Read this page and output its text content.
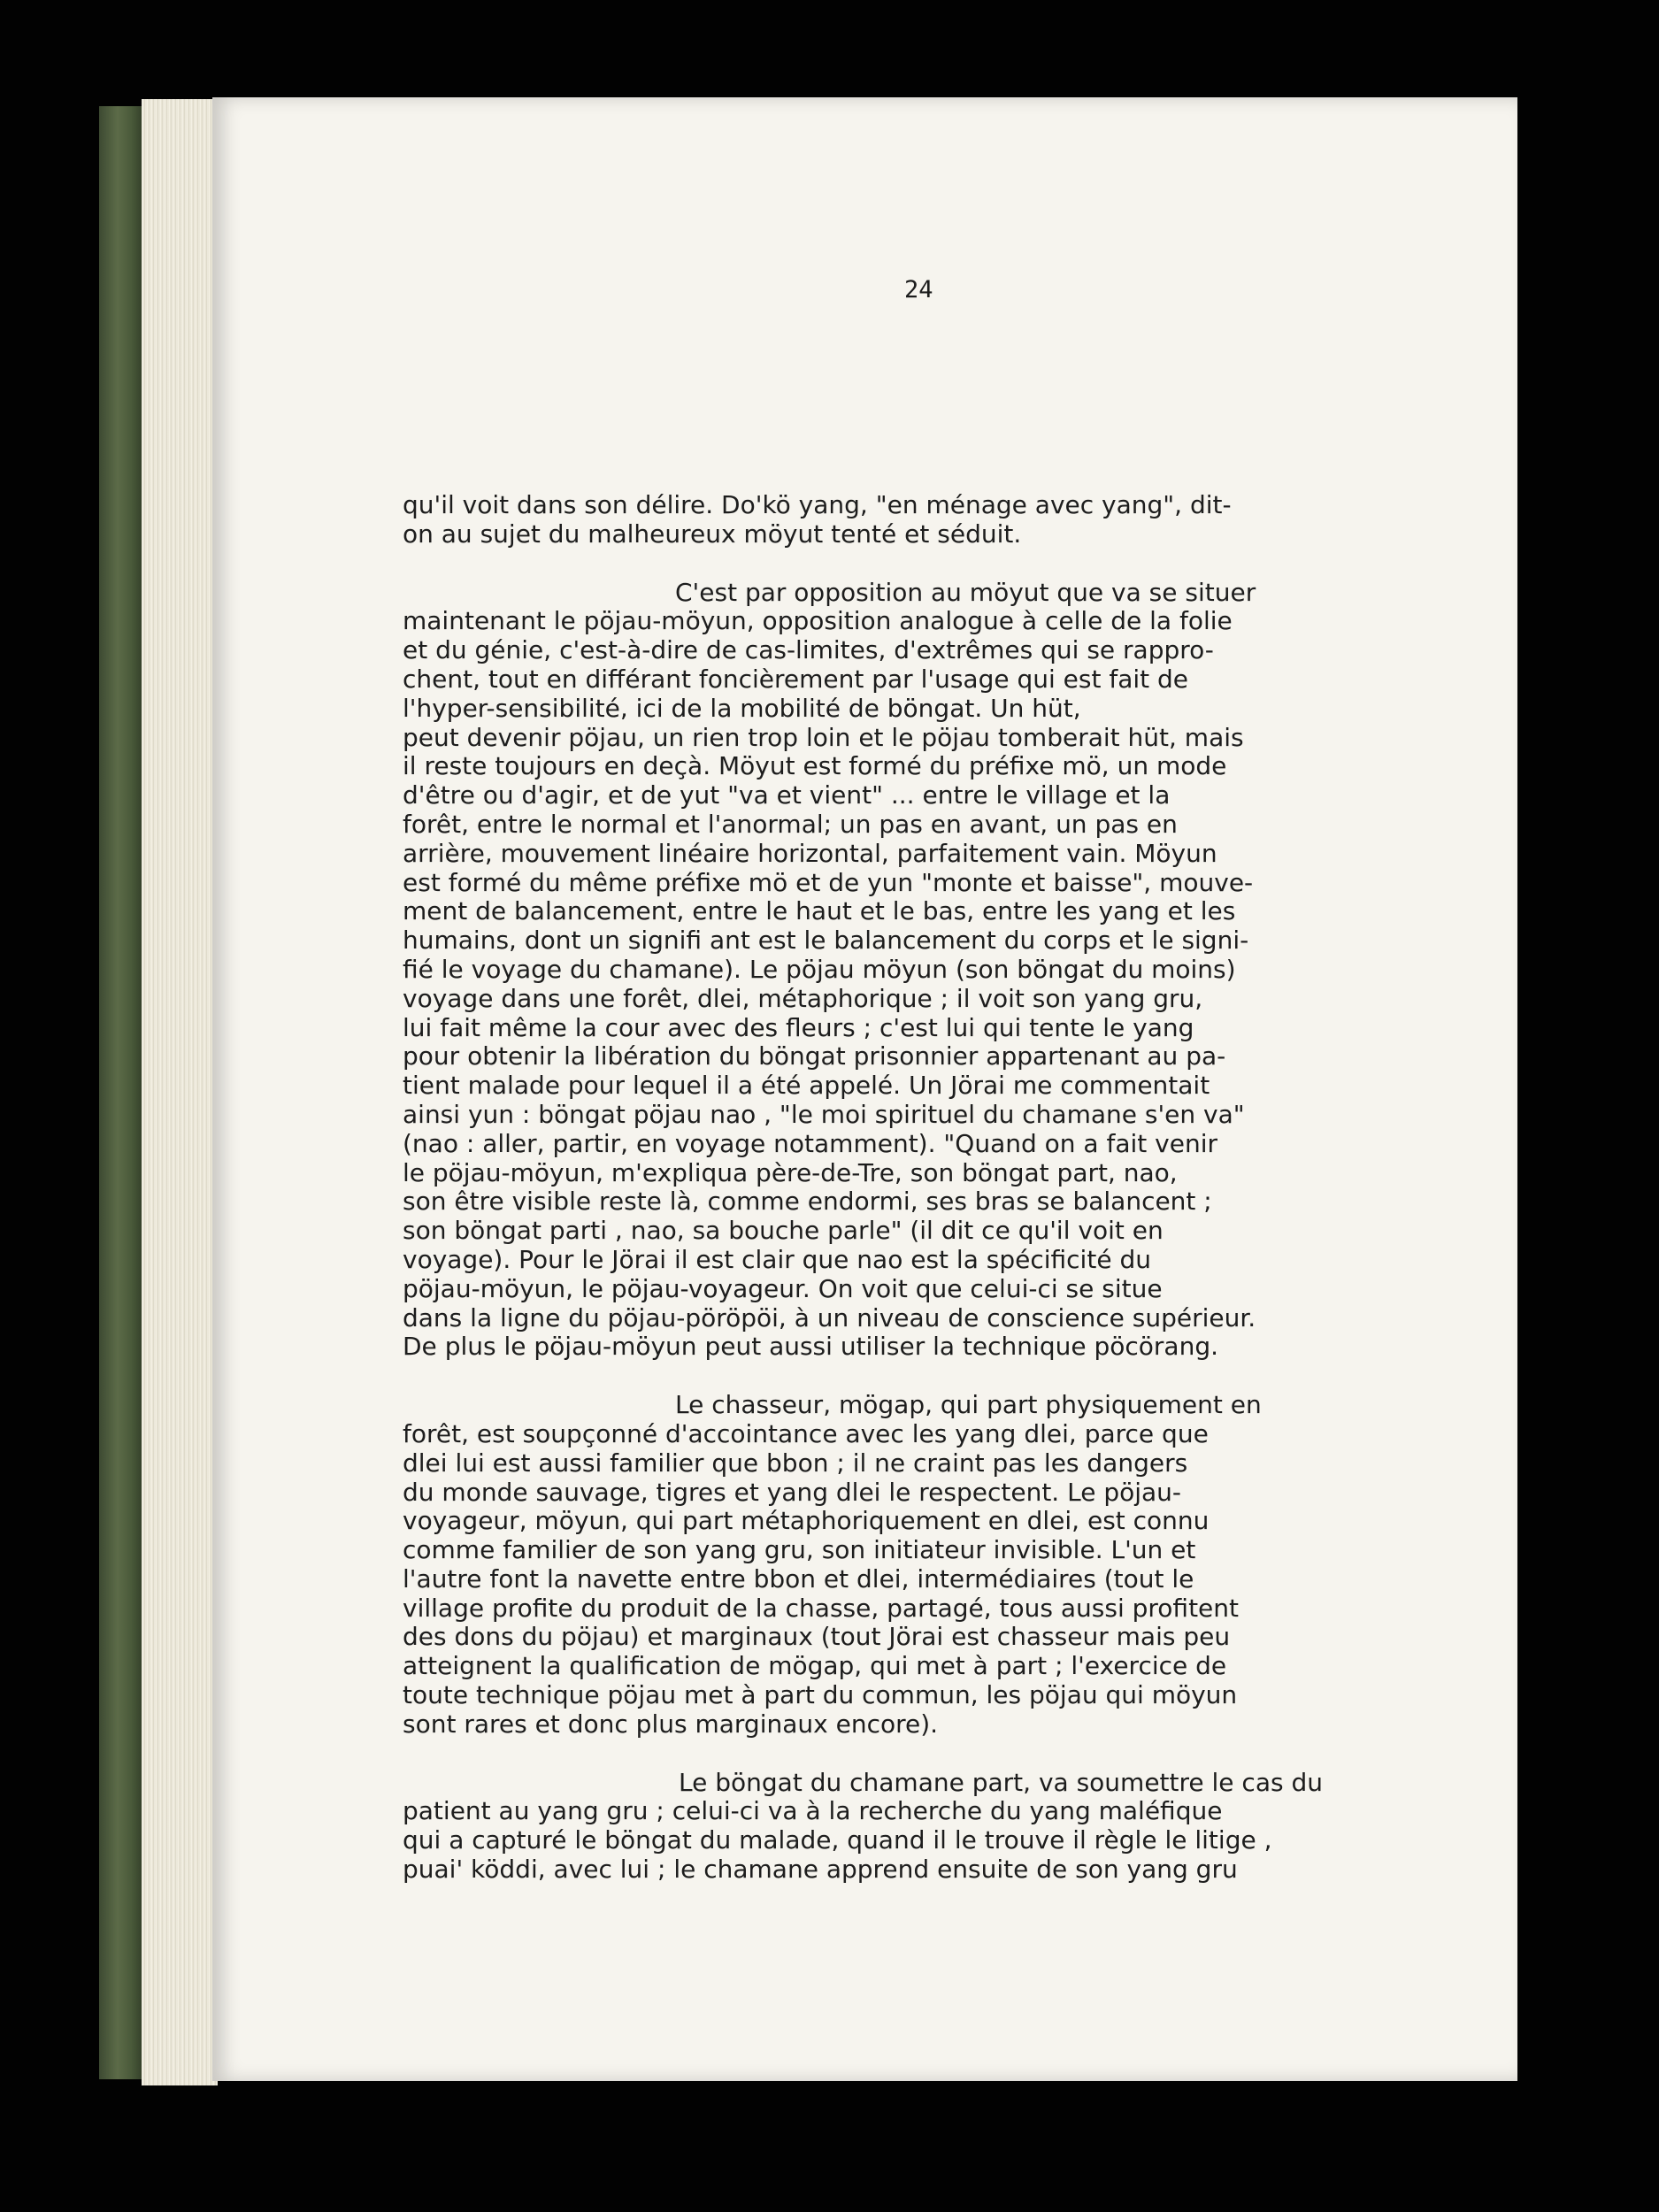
24
qu'il voit dans son délire. Do'kö yang, "en ménage avec yang", dit-
on au sujet du malheureux möyut tenté et séduit.
C'est par opposition au möyut que va se situer
maintenant le pöjau-möyun, opposition analogue à celle de la folie
et du génie, c'est-à-dire de cas-limites, d'extrêmes qui se rappro-
chent, tout en différant foncièrement par l'usage qui est fait de
l'hyper-sensibilité, ici de la mobilité de böngat. Un hüt,
peut devenir pöjau, un rien trop loin et le pöjau tomberait hüt, mais
il reste toujours en deçà. Möyut est formé du préfixe mö, un mode
d'être ou d'agir, et de yut "va et vient" ... entre le village et la
forêt, entre le normal et l'anormal; un pas en avant, un pas en
arrière, mouvement linéaire horizontal, parfaitement vain. Möyun
est formé du même préfixe mö et de yun "monte et baisse", mouve-
ment de balancement, entre le haut et le bas, entre les yang et les
humains, dont un signifi ant est le balancement du corps et le signi-
fié le voyage du chamane). Le pöjau möyun (son böngat du moins)
voyage dans une forêt, dlei, métaphorique ; il voit son yang gru,
lui fait même la cour avec des fleurs ; c'est lui qui tente le yang
pour obtenir la libération du böngat prisonnier appartenant au pa-
tient malade pour lequel il a été appelé. Un Jörai me commentait
ainsi yun : böngat pöjau nao , "le moi spirituel du chamane s'en va"
(nao : aller, partir, en voyage notamment). "Quand on a fait venir
le pöjau-möyun, m'expliqua père-de-Tre, son böngat part, nao,
son être visible reste là, comme endormi, ses bras se balancent ;
son böngat parti , nao, sa bouche parle" (il dit ce qu'il voit en
voyage). Pour le Jörai il est clair que nao est la spécificité du
pöjau-möyun, le pöjau-voyageur. On voit que celui-ci se situe
dans la ligne du pöjau-pöröpöi, à un niveau de conscience supérieur.
De plus le pöjau-möyun peut aussi utiliser la technique pöcörang.
Le chasseur, mögap, qui part physiquement en
forêt, est soupçonné d'accointance avec les yang dlei, parce que
dlei lui est aussi familier que bbon ; il ne craint pas les dangers
du monde sauvage, tigres et yang dlei le respectent. Le pöjau-
voyageur, möyun, qui part métaphoriquement en dlei, est connu
comme familier de son yang gru, son initiateur invisible. L'un et
l'autre font la navette entre bbon et dlei, intermédiaires (tout le
village profite du produit de la chasse, partagé, tous aussi profitent
des dons du pöjau) et marginaux (tout Jörai est chasseur mais peu
atteignent la qualification de mögap, qui met à part ; l'exercice de
toute technique pöjau met à part du commun, les pöjau qui möyun
sont rares et donc plus marginaux encore).
Le böngat du chamane part, va soumettre le cas du
patient au yang gru ; celui-ci va à la recherche du yang maléfique
qui a capturé le böngat du malade, quand il le trouve il règle le litige ,
puai' köddi, avec lui ; le chamane apprend ensuite de son yang gru
